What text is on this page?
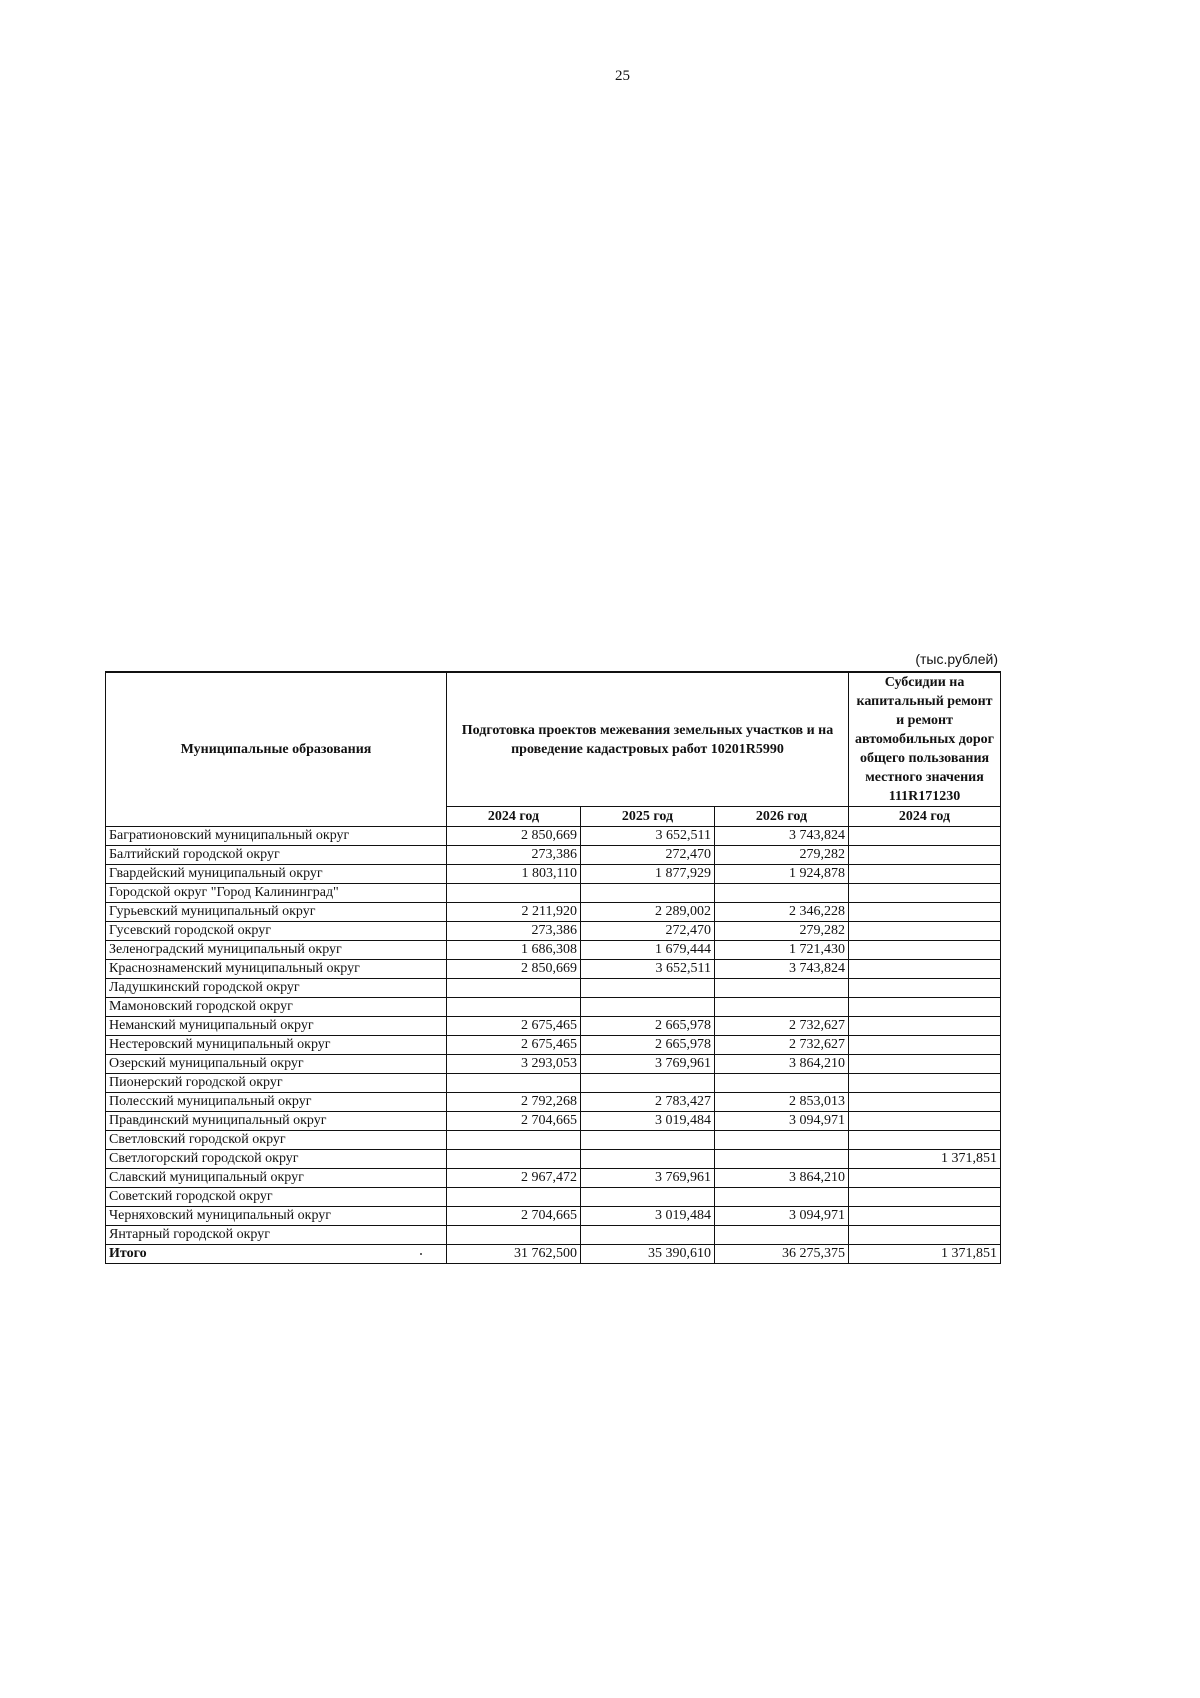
25
(тыс.рублей)
Муниципальные образования	Подготовка проектов межевания земельных участков и на проведение кадастровых работ 10201R5990			Субсидии на капитальный ремонт и ремонт автомобильных дорог общего пользования местного значения 111R171230
	2024 год	2025 год	2026 год	2024 год
Багратионовский муниципальный округ	2 850,669	3 652,511	3 743,824	
Балтийский городской округ	273,386	272,470	279,282	
Гвардейский муниципальный округ	1 803,110	1 877,929	1 924,878	
Городской округ "Город Калининград"				
Гурьевский муниципальный округ	2 211,920	2 289,002	2 346,228	
Гусевский городской округ	273,386	272,470	279,282	
Зеленоградский муниципальный округ	1 686,308	1 679,444	1 721,430	
Краснознаменский муниципальный округ	2 850,669	3 652,511	3 743,824	
Ладушкинский городской округ				
Мамоновский городской округ				
Неманский муниципальный округ	2 675,465	2 665,978	2 732,627	
Нестеровский муниципальный округ	2 675,465	2 665,978	2 732,627	
Озерский муниципальный округ	3 293,053	3 769,961	3 864,210	
Пионерский городской округ				
Полесский муниципальный округ	2 792,268	2 783,427	2 853,013	
Правдинский муниципальный округ	2 704,665	3 019,484	3 094,971	
Светловский городской округ				
Светлогорский городской округ				1 371,851
Славский муниципальный округ	2 967,472	3 769,961	3 864,210	
Советский городской округ				
Черняховский муниципальный округ	2 704,665	3 019,484	3 094,971	
Янтарный городской округ				
Итого	31 762,500	35 390,610	36 275,375	1 371,851
